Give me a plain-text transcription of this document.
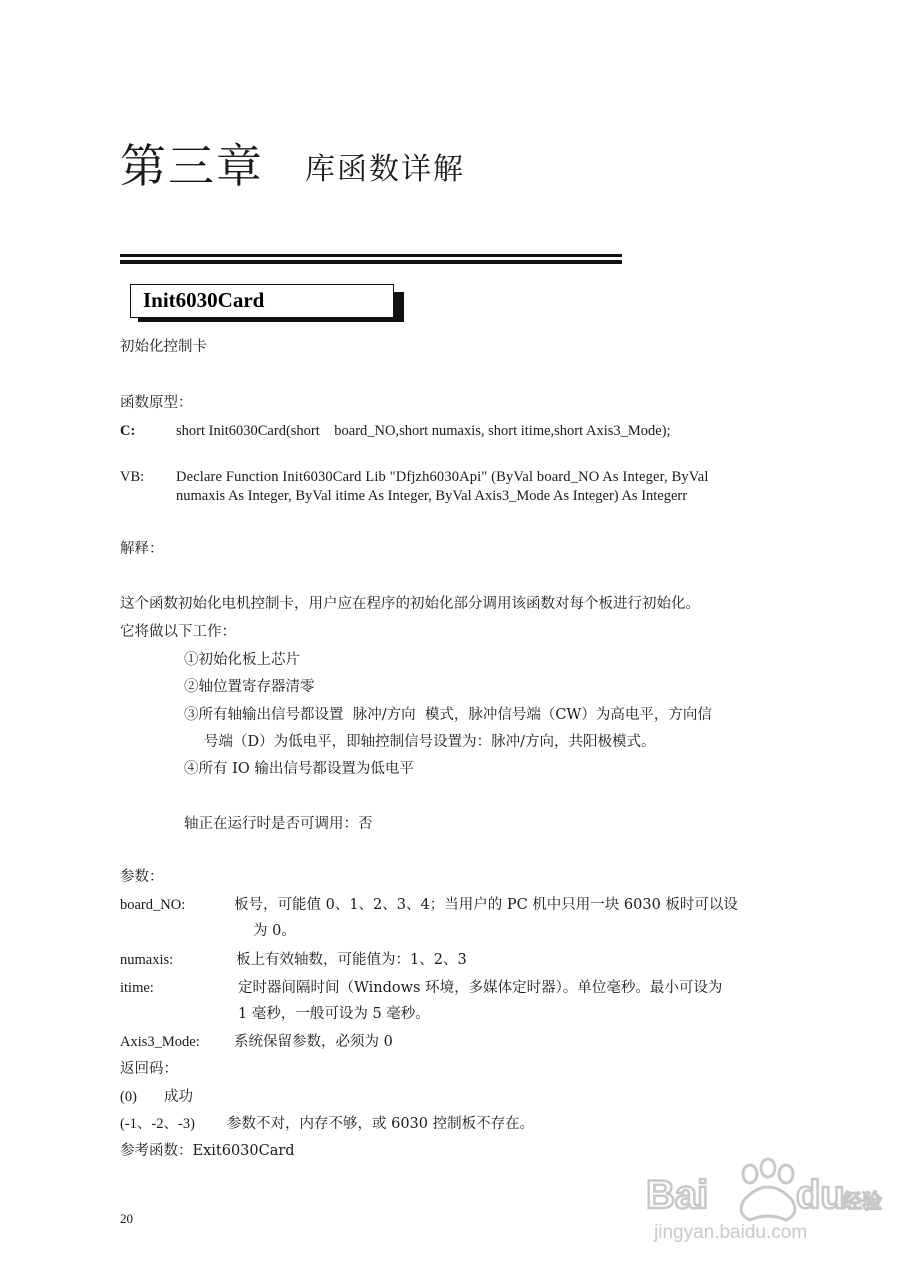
第三章 库函数详解
Init6030Card
初始化控制卡
函数原型：
C:	short Init6030Card(short    board_NO,short numaxis, short itime,short Axis3_Mode);
VB: Declare Function Init6030Card Lib "Dfjzh6030Api" (ByVal board_NO As Integer, ByVal
numaxis As Integer, ByVal itime As Integer, ByVal Axis3_Mode As Integer) As Integerr
解释：
这个函数初始化电机控制卡，用户应在程序的初始化部分调用该函数对每个板进行初始化。
它将做以下工作：
①初始化板上芯片
②轴位置寄存器清零
③所有轴输出信号都设置  脉冲/方向  模式，脉冲信号端（CW）为高电平，方向信
号端（D）为低电平，即轴控制信号设置为：脉冲/方向，共阳极模式。
④所有 IO 输出信号都设置为低电平
轴正在运行时是否可调用：否
参数：
board_NO:	板号，可能值 0、1、2、3、4；当用户的 PC 机中只用一块 6030 板时可以设
为 0。
numaxis:	板上有效轴数，可能值为：1、2、3
itime:	定时器间隔时间（Windows 环境，多媒体定时器）。单位毫秒。最小可设为
1 毫秒，一般可设为 5 毫秒。
Axis3_Mode: 系统保留参数，必须为 0
返回码：
(0) 成功
(-1、-2、-3) 参数不对，内存不够，或 6030 控制板不存在。
参考函数：Exit6030Card
20
Bai du
经验
jingyan.baidu.com
